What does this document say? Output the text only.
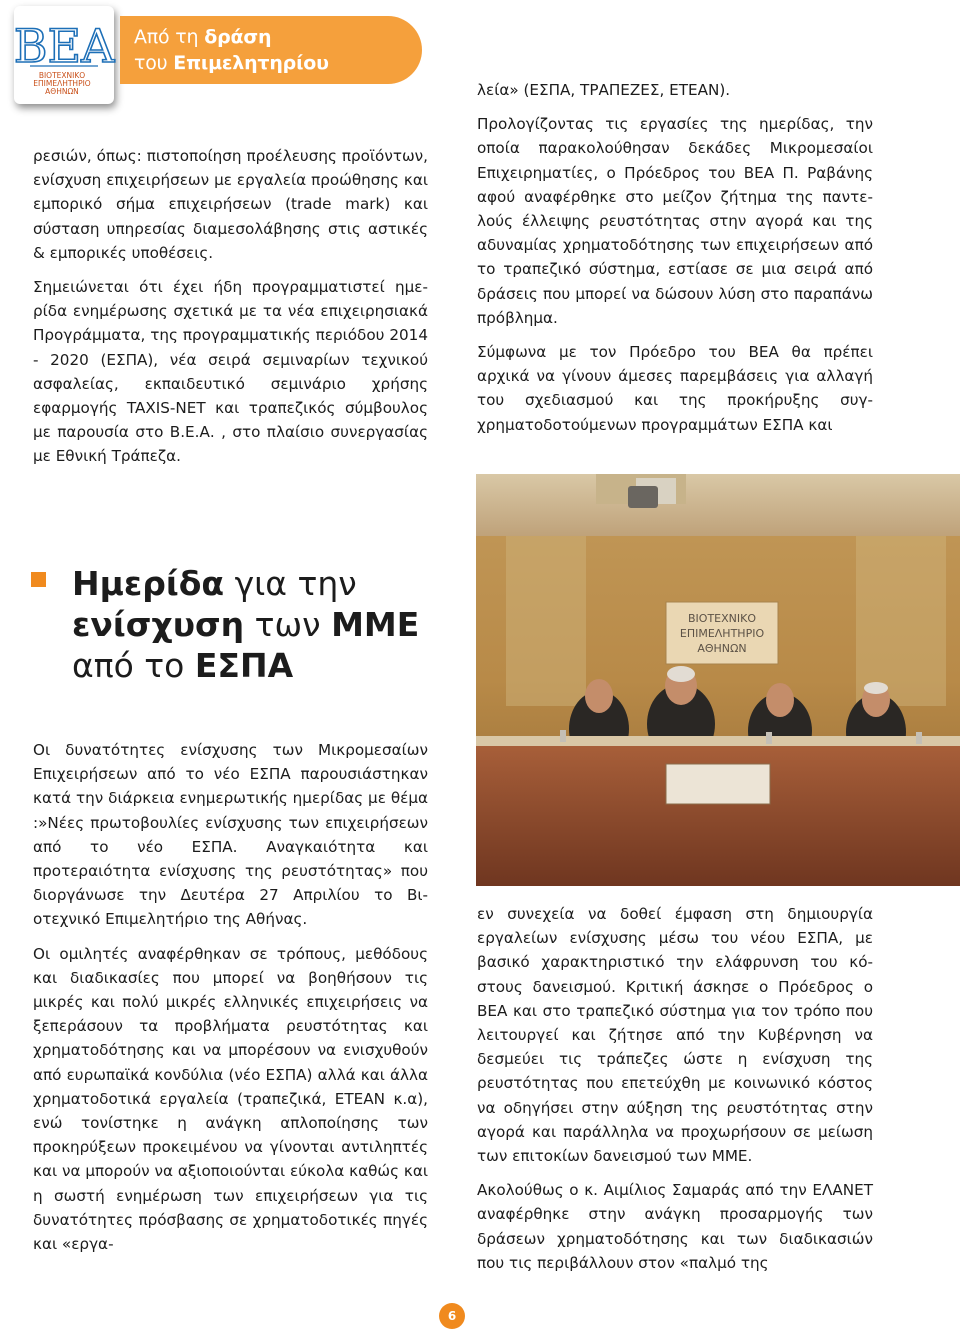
ΒΕΑ
ΒΙΟΤΕΧΝΙΚΟ
ΕΠΙΜΕΛΗΤΗΡΙΟ
ΑΘΗΝΩΝ
Από τη δράση
του Επιμελητηρίου

ρεσιών, όπως: πιστοποίηση προέλευσης προϊόντων, ενίσχυση επιχειρήσεων με εργαλεία προώθησης και εμπορικό σήμα επιχειρήσεων (trade mark) και σύσταση υπηρεσίας διαμεσολάβησης στις αστικές & εμπορικές υποθέσεις.

Σημειώνεται ότι έχει ήδη προγραμματιστεί ημερίδα ενημέρωσης σχετικά με τα νέα επιχειρησιακά Προγράμματα, της προγραμματικής περιόδου 2014 - 2020 (ΕΣΠΑ), νέα σειρά σεμιναρίων τεχνικού ασφαλείας, εκπαιδευτικό σεμινάριο χρήσης εφαρμογής TAXIS-NET και τραπεζικός σύμβουλος με παρουσία στο Β.Ε.Α. , στο πλαίσιο συνεργασίας με Εθνική Τράπεζα.

λεία» (ΕΣΠΑ, ΤΡΑΠΕΖΕΣ, ΕΤΕΑΝ).

Προλογίζοντας τις εργασίες της ημερίδας, την οποία παρακολούθησαν δεκάδες Μικρομεσαίοι Επιχειρηματίες, ο Πρόεδρος του ΒΕΑ Π. Ραβάνης αφού αναφέρθηκε στο μείζον ζήτημα της παντελούς έλλειψης ρευστότητας στην αγορά και της αδυναμίας χρηματοδότησης των επιχειρήσεων από το τραπεζικό σύστημα, εστίασε σε μια σειρά από δράσεις που μπορεί να δώσουν λύση στο παραπάνω πρόβλημα.

Σύμφωνα με τον Πρόεδρο του ΒΕΑ θα πρέπει αρχικά να γίνουν άμεσες παρεμβάσεις για αλλαγή του σχεδιασμού και της προκήρυξης συγχρηματοδοτούμενων προγραμμάτων ΕΣΠΑ και

Ημερίδα για την
ενίσχυση των ΜΜΕ
από το ΕΣΠΑ
ΒΙΟΤΕΧΝΙΚΟ
ΕΠΙΜΕΛΗΤΗΡΙΟ
ΑΘΗΝΩΝ

Οι δυνατότητες ενίσχυσης των Μικρομεσαίων Επιχειρήσεων από το νέο ΕΣΠΑ παρουσιάστηκαν κατά την διάρκεια ενημερωτικής ημερίδας με θέμα :»Νέες πρωτοβουλίες ενίσχυσης των επιχειρήσεων από το νέο ΕΣΠΑ. Αναγκαιότητα και προτεραιότητα ενίσχυσης της ρευστότητας» που διοργάνωσε την Δευτέρα 27 Απριλίου το Βιοτεχνικό Επιμελητήριο της Αθήνας.

Οι ομιλητές αναφέρθηκαν σε τρόπους, μεθόδους και διαδικασίες που μπορεί να βοηθήσουν τις μικρές και πολύ μικρές ελληνικές επιχειρήσεις να ξεπεράσουν τα προβλήματα ρευστότητας και χρηματοδότησης και να μπορέσουν να ενισχυθούν από ευρωπαϊκά κονδύλια (νέο ΕΣΠΑ) αλλά και άλλα χρηματοδοτικά εργαλεία (τραπεζικά, ΕΤΕΑΝ κ.α), ενώ τονίστηκε η ανάγκη απλοποίησης των προκηρύξεων προκειμένου να γίνονται αντιληπτές και να μπορούν να αξιοποιούνται εύκολα καθώς και η σωστή ενημέρωση των επιχειρήσεων για τις δυνατότητες πρόσβασης σε χρηματοδοτικές πηγές και «εργα-

εν συνεχεία να δοθεί έμφαση στη δημιουργία εργαλείων ενίσχυσης μέσω του νέου ΕΣΠΑ, με βασικό χαρακτηριστικό την ελάφρυνση του κόστους δανεισμού. Κριτική άσκησε ο Πρόεδρος ο ΒΕΑ και στο τραπεζικό σύστημα για τον τρόπο που λειτουργεί και ζήτησε από την Κυβέρνηση να δεσμεύει τις τράπεζες ώστε η ενίσχυση της ρευστότητας που επετεύχθη με κοινωνικό κόστος να οδηγήσει στην αύξηση της ρευστότητας στην αγορά και παράλληλα να προχωρήσουν σε μείωση των επιτοκίων δανεισμού των ΜΜΕ.

Ακολούθως ο κ. Αιμίλιος Σαμαράς από την ΕΛΑΝΕΤ αναφέρθηκε στην ανάγκη προσαρμογής των δράσεων χρηματοδότησης και των διαδικασιών που τις περιβάλλουν στον «παλμό της

6
